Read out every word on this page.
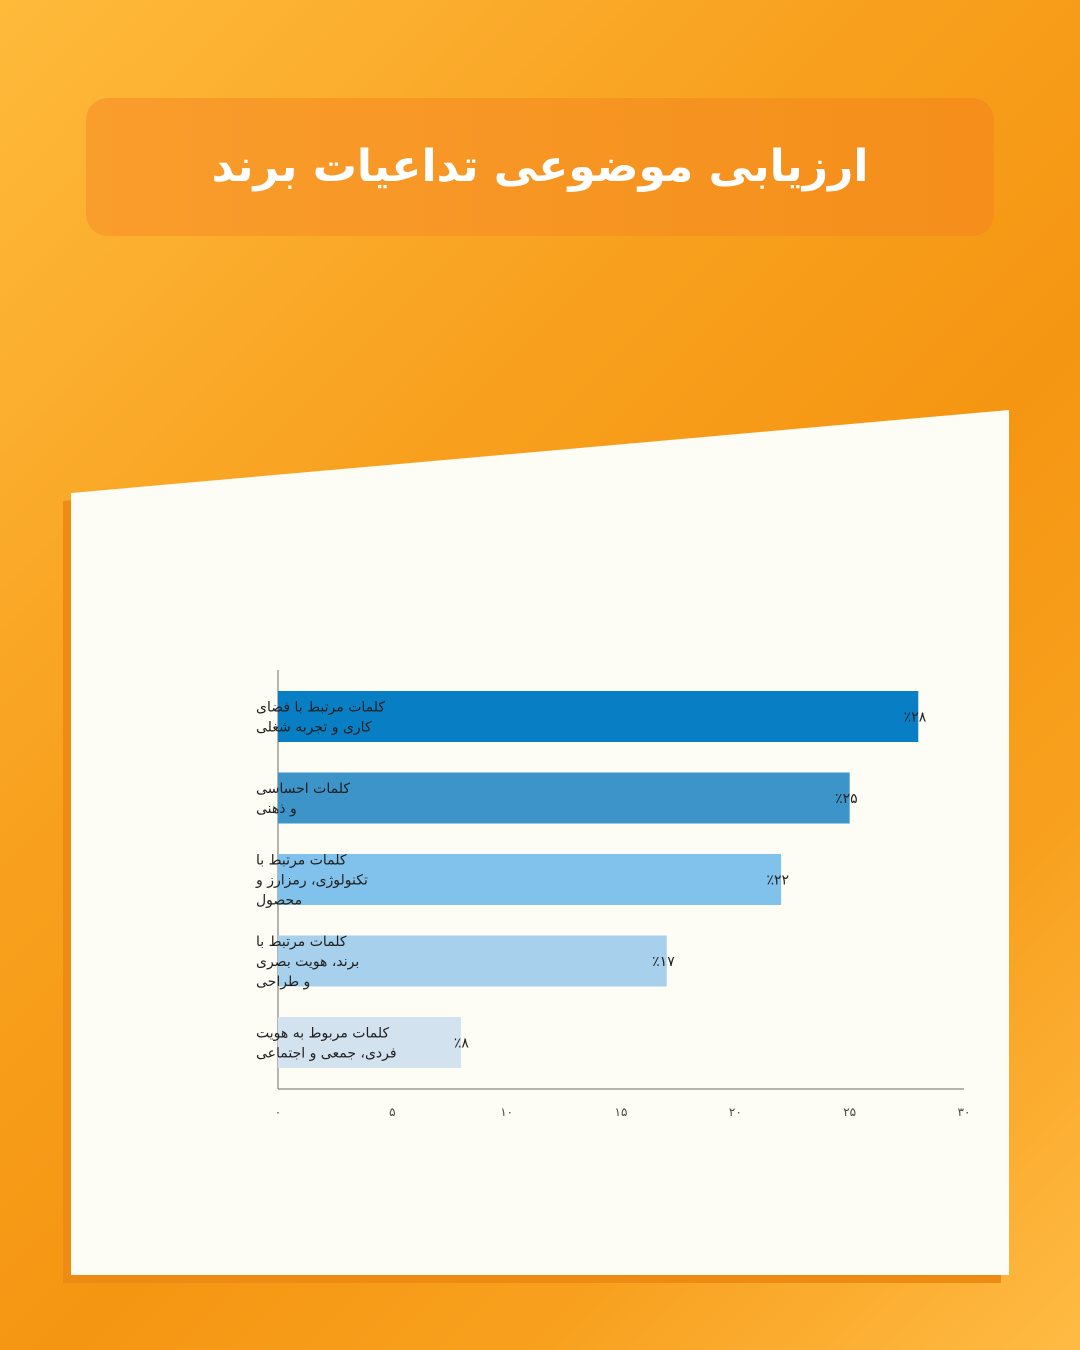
ارزیابی موضوعی تداعیات برند
٪۲۸
٪۲۵
٪۲۲
٪۱۷
٪۸
کلمات مرتبط با فضای کاری و تجربه شغلی
کلمات احساسی و ذهنی
کلمات مرتبط با تکنولوژی، رمزارز و محصول
کلمات مرتبط با برند، هویت بصری و طراحی
کلمات مربوط به هویت فردی، جمعی و اجتماعی
۰	۵	۱۰	۱۵	۲۰	۲۵	۳۰
